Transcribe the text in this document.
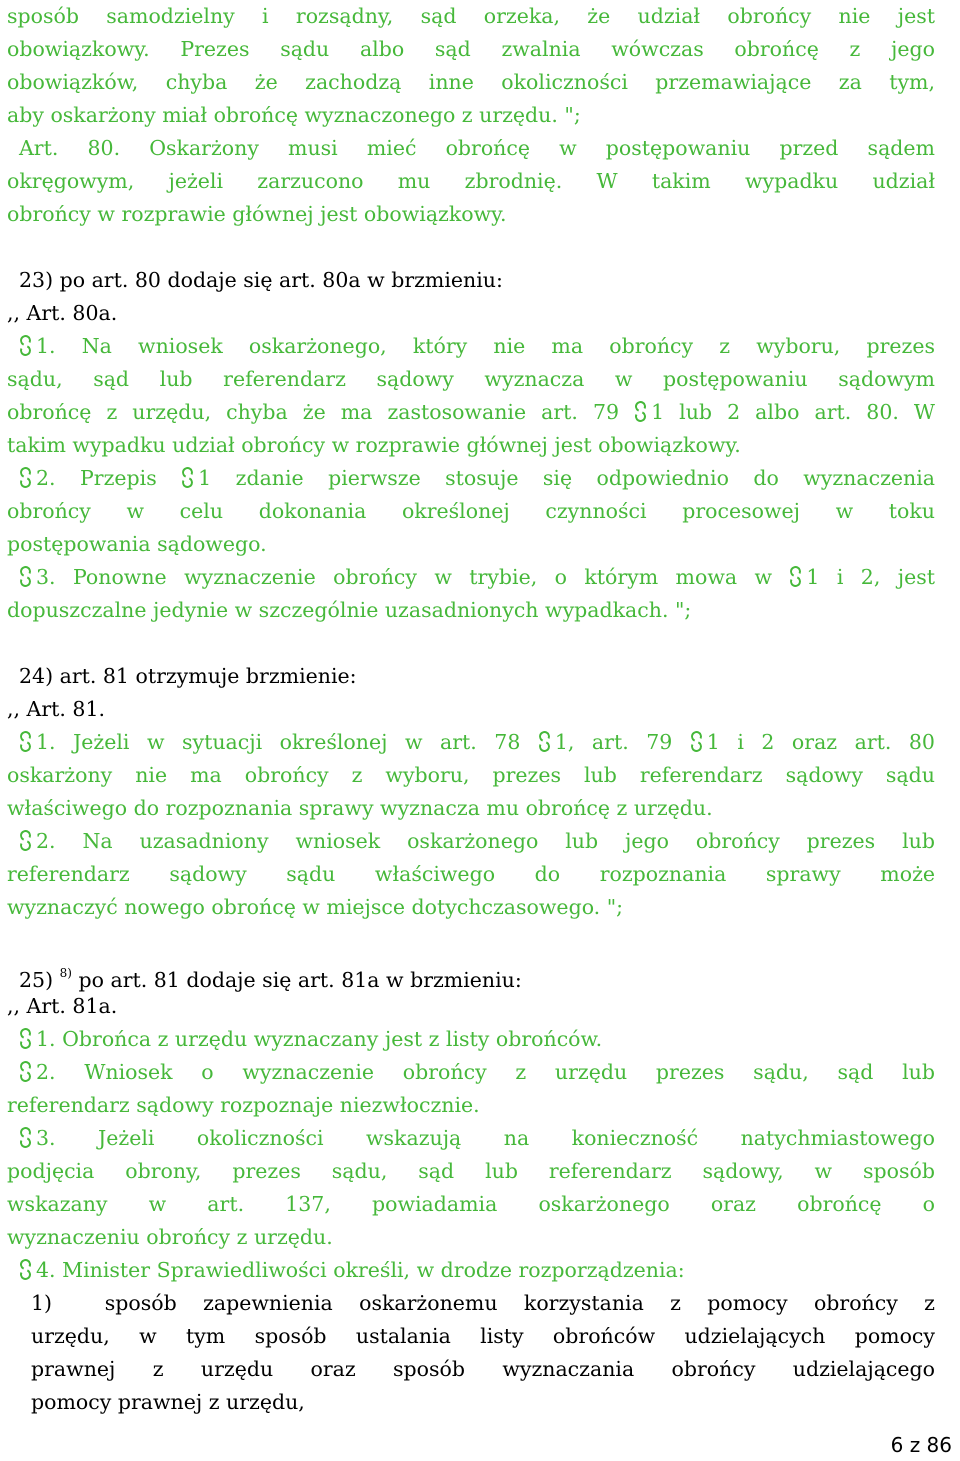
sposób samodzielny i rozsądny, sąd orzeka, że udział obrońcy nie jest
obowiązkowy. Prezes sądu albo sąd zwalnia wówczas obrońcę z jego
obowiązków, chyba że zachodzą inne okoliczności przemawiające za tym,
aby oskarżony miał obrońcę wyznaczonego z urzędu. ";
Art. 80. Oskarżony musi mieć obrońcę w postępowaniu przed sądem
okręgowym, jeżeli zarzucono mu zbrodnię. W takim wypadku udział
obrońcy w rozprawie głównej jest obowiązkowy.
23) po art. 80 dodaje się art. 80a w brzmieniu:
,, Art. 80a.
1. Na wniosek oskarżonego, który nie ma obrońcy z wyboru, prezes
sądu, sąd lub referendarz sądowy wyznacza w postępowaniu sądowym
obrońcę z urzędu, chyba że ma zastosowanie art. 79 1 lub 2 albo art. 80. W
takim wypadku udział obrońcy w rozprawie głównej jest obowiązkowy.
2. Przepis 1 zdanie pierwsze stosuje się odpowiednio do wyznaczenia
obrońcy w celu dokonania określonej czynności procesowej w toku
postępowania sądowego.
3. Ponowne wyznaczenie obrońcy w trybie, o którym mowa w 1 i 2, jest
dopuszczalne jedynie w szczególnie uzasadnionych wypadkach. ";
24) art. 81 otrzymuje brzmienie:
,, Art. 81.
1. Jeżeli w sytuacji określonej w art. 78 1, art. 79 1 i 2 oraz art. 80
oskarżony nie ma obrońcy z wyboru, prezes lub referendarz sądowy sądu
właściwego do rozpoznania sprawy wyznacza mu obrońcę z urzędu.
2. Na uzasadniony wniosek oskarżonego lub jego obrońcy prezes lub
referendarz sądowy sądu właściwego do rozpoznania sprawy może
wyznaczyć nowego obrońcę w miejsce dotychczasowego. ";
25) $^{8)}$ po art. 81 dodaje się art. 81a w brzmieniu:
,, Art. 81a.
1. Obrońca z urzędu wyznaczany jest z listy obrońców.
2. Wniosek o wyznaczenie obrońcy z urzędu prezes sądu, sąd lub
referendarz sądowy rozpoznaje niezwłocznie.
3. Jeżeli okoliczności wskazują na konieczność natychmiastowego
podjęcia obrony, prezes sądu, sąd lub referendarz sądowy, w sposób
wskazany w art. 137, powiadamia oskarżonego oraz obrońcę o
wyznaczeniu obrońcy z urzędu.
4. Minister Sprawiedliwości określi, w drodze rozporządzenia:
1)	sposób zapewnienia oskarżonemu korzystania z pomocy obrońcy z
urzędu, w tym sposób ustalania listy obrońców udzielających pomocy
prawnej z urzędu oraz sposób wyznaczania obrońcy udzielającego
pomocy prawnej z urzędu,
6 z 86
